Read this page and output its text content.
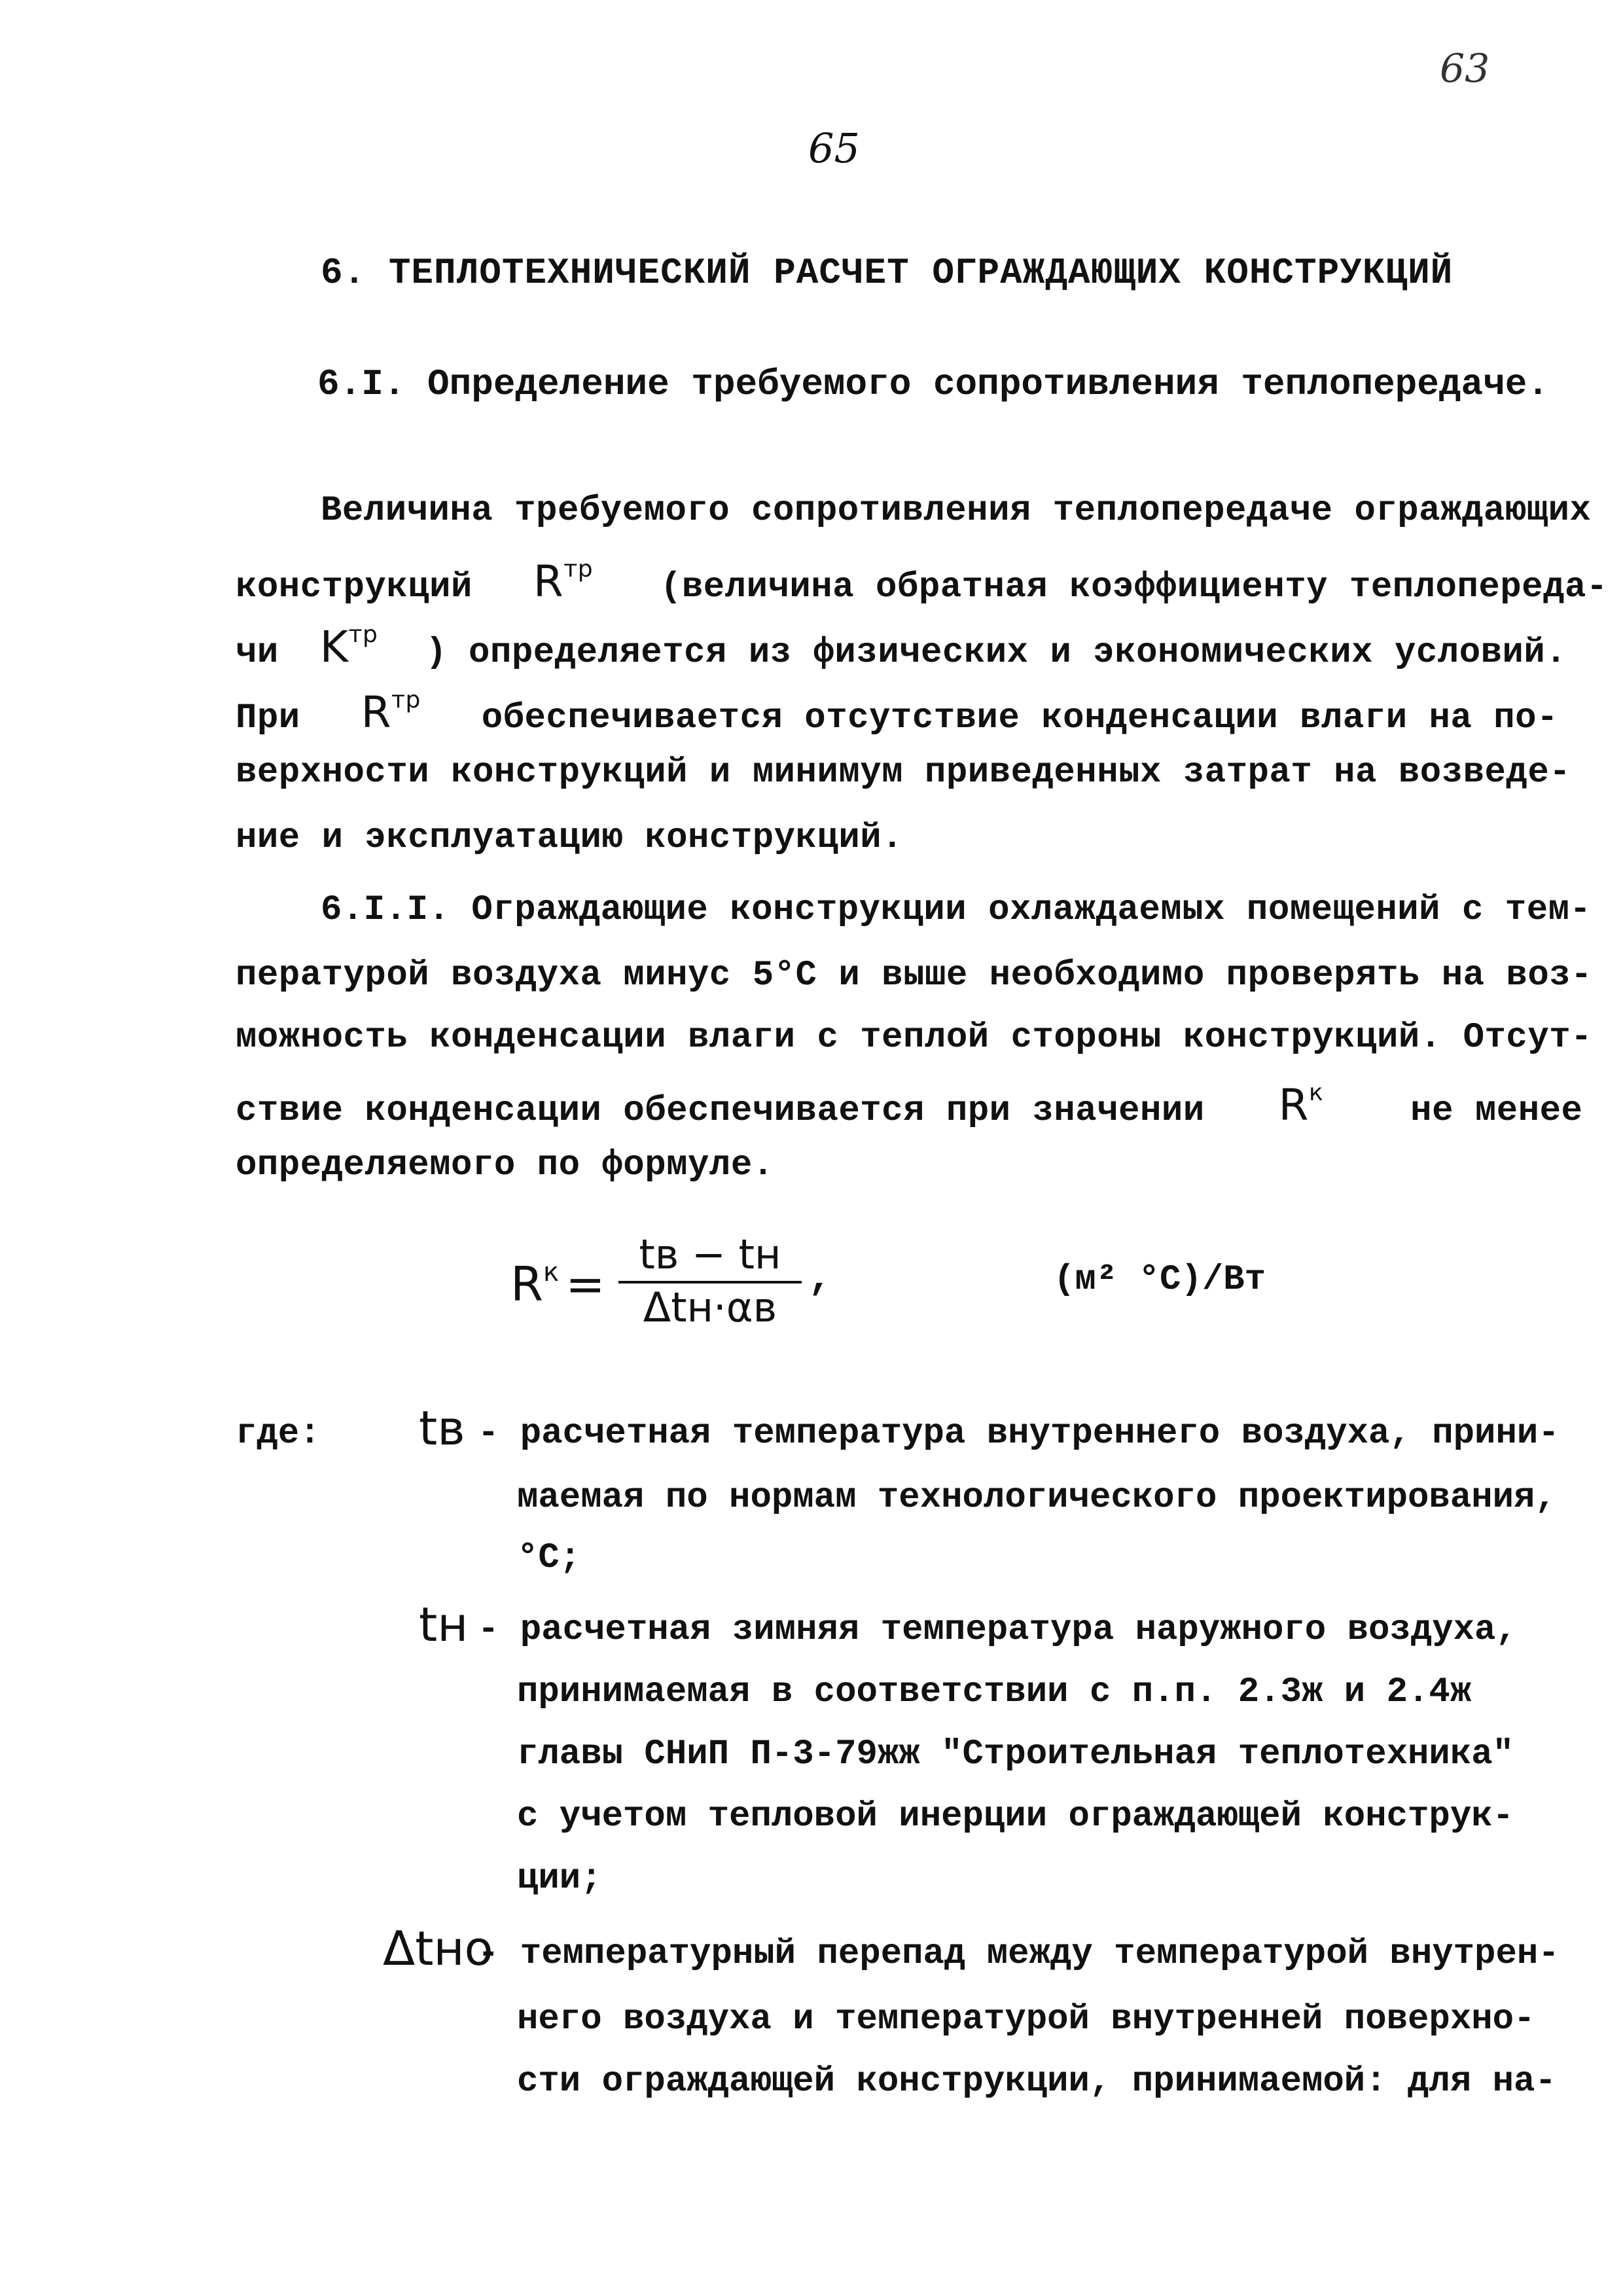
63
65
6. ТЕПЛОТЕХНИЧЕСКИЙ РАСЧЕТ ОГРАЖДАЮЩИХ КОНСТРУКЦИЙ
6.I. Определение требуемого сопротивления теплопередаче.
Величина требуемого сопротивления теплопередаче ограждающих
конструкций $R^{тр}$ (величина обратная коэффициенту теплопереда-
чи $K^{тр}$ ) определяется из физических и экономических условий.
При $R^{тр}$ обеспечивается отсутствие конденсации влаги на по-
верхности конструкций и минимум приведенных затрат на возведе-
ние и эксплуатацию конструкций.
6.I.I. Ограждающие конструкции охлаждаемых помещений с тем-
пературой воздуха минус 5°С и выше необходимо проверять на воз-
можность конденсации влаги с теплой стороны конструкций. Отсут-
ствие конденсации обеспечивается при значении $R^к$ не менее
определяемого по формуле.
$R^к$ =
tв − tн
Δtн·αв
,	(м² °С)/Вт
где: tв - расчетная температура внутреннего воздуха, прини-
маемая по нормам технологического проектирования,
°С;
tн - расчетная зимняя температура наружного воздуха,
принимаемая в соответствии с п.п. 2.3ж и 2.4ж
главы СНиП П-3-79жж "Строительная теплотехника"
с учетом тепловой инерции ограждающей конструк-
ции;
Δtнo
- температурный перепад между температурой внутрен-
него воздуха и температурой внутренней поверхно-
сти ограждающей конструкции, принимаемой: для на-
